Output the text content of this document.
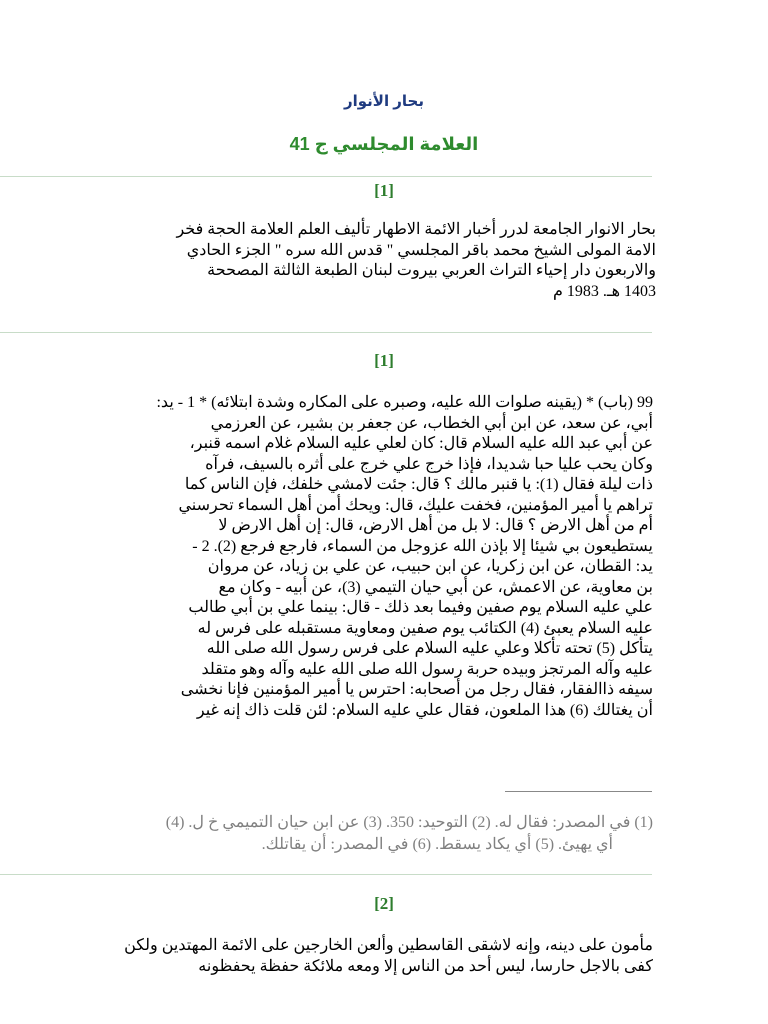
بحار الأنوار
العلامة المجلسي ج 41
[1]
بحار الانوار الجامعة لدرر أخبار الائمة الاطهار تأليف العلم العلامة الحجة فخر
الامة المولى الشيخ محمد باقر المجلسي " قدس الله سره " الجزء الحادي
والاربعون دار إحياء التراث العربي بيروت لبنان الطبعة الثالثة المصححة
1403 هـ. 1983 م
[1]
99 (باب) * (يقينه صلوات الله عليه، وصبره على المكاره وشدة ابتلائه) * 1 - يد:
أبي، عن سعد، عن ابن أبي الخطاب، عن جعفر بن بشير، عن العرزمي
عن أبي عبد الله عليه السلام قال: كان لعلي عليه السلام غلام اسمه قنبر،
وكان يحب عليا حبا شديدا، فإذا خرج علي خرج على أثره بالسيف، فرآه
ذات ليلة فقال (1): يا قنبر مالك ؟ قال: جئت لامشي خلفك، فإن الناس كما
تراهم يا أمير المؤمنين، فخفت عليك، قال: ويحك أمن أهل السماء تحرسني
أم من أهل الارض ؟ قال: لا بل من أهل الارض، قال: إن أهل الارض لا
يستطيعون بي شيئا إلا بإذن الله عزوجل من السماء، فارجع فرجع (2). 2 -
يد: القطان، عن ابن زكريا، عن ابن حبيب، عن علي بن زياد، عن مروان
بن معاوية، عن الاعمش، عن أبي حيان التيمي (3)، عن أبيه - وكان مع
علي عليه السلام يوم صفين وفيما بعد ذلك - قال: بينما علي بن أبي طالب
عليه السلام يعبئ (4) الكتائب يوم صفين ومعاوية مستقبله على فرس له
يتأكل (5) تحته تأكلا وعلي عليه السلام على فرس رسول الله صلى الله
عليه وآله المرتجز وبيده حربة رسول الله صلى الله عليه وآله وهو متقلد
سيفه ذاالفقار، فقال رجل من أصحابه: احترس يا أمير المؤمنين فإنا نخشى
أن يغتالك (6) هذا الملعون، فقال علي عليه السلام: لئن قلت ذاك إنه غير
(1) في المصدر: فقال له. (2) التوحيد: 350. (3) عن ابن حيان التميمي خ ل. (4)
أي يهيئ. (5) أي يكاد يسقط. (6) في المصدر: أن يقاتلك.
[2]
مأمون على دينه، وإنه لاشقى القاسطين وألعن الخارجين على الائمة المهتدين ولكن
كفى بالاجل حارسا، ليس أحد من الناس إلا ومعه ملائكة حفظة يحفظونه
